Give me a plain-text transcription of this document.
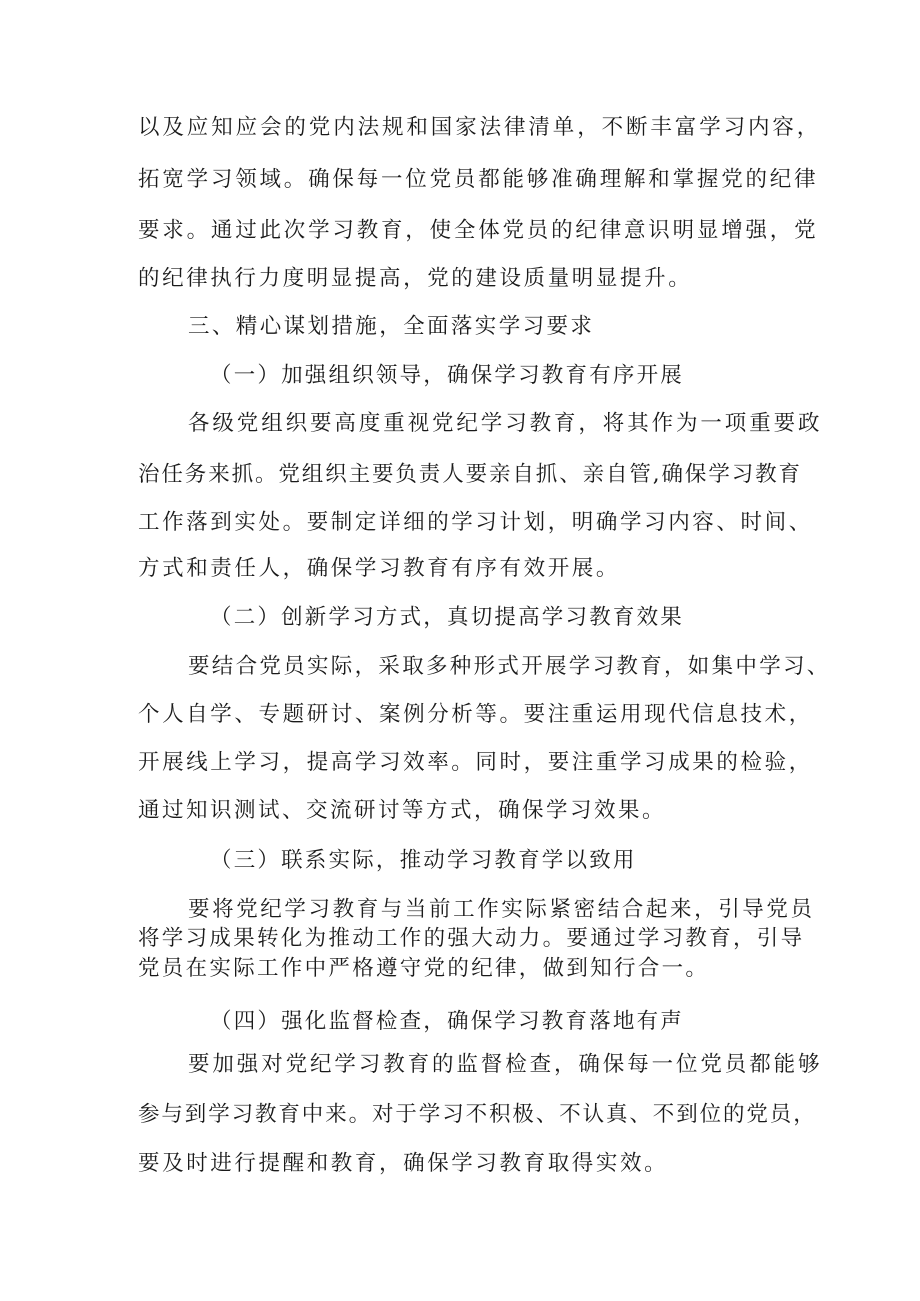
以及应知应会的党内法规和国家法律清单，不断丰富学习内容，
拓宽学习领域。确保每一位党员都能够准确理解和掌握党的纪律
要求。通过此次学习教育，使全体党员的纪律意识明显增强，党
的纪律执行力度明显提高，党的建设质量明显提升。
三、精心谋划措施，全面落实学习要求
（一）加强组织领导，确保学习教育有序开展
各级党组织要高度重视党纪学习教育，将其作为一项重要政
治任务来抓。党组织主要负责人要亲自抓、亲自管,确保学习教育
工作落到实处。要制定详细的学习计划，明确学习内容、时间、
方式和责任人，确保学习教育有序有效开展。
（二）创新学习方式，真切提高学习教育效果
要结合党员实际，采取多种形式开展学习教育，如集中学习、
个人自学、专题研讨、案例分析等。要注重运用现代信息技术，
开展线上学习，提高学习效率。同时，要注重学习成果的检验，
通过知识测试、交流研讨等方式，确保学习效果。
（三）联系实际，推动学习教育学以致用
要将党纪学习教育与当前工作实际紧密结合起来，引导党员
将学习成果转化为推动工作的强大动力。要通过学习教育，引导
党员在实际工作中严格遵守党的纪律，做到知行合一。
（四）强化监督检查，确保学习教育落地有声
要加强对党纪学习教育的监督检查，确保每一位党员都能够
参与到学习教育中来。对于学习不积极、不认真、不到位的党员，
要及时进行提醒和教育，确保学习教育取得实效。
